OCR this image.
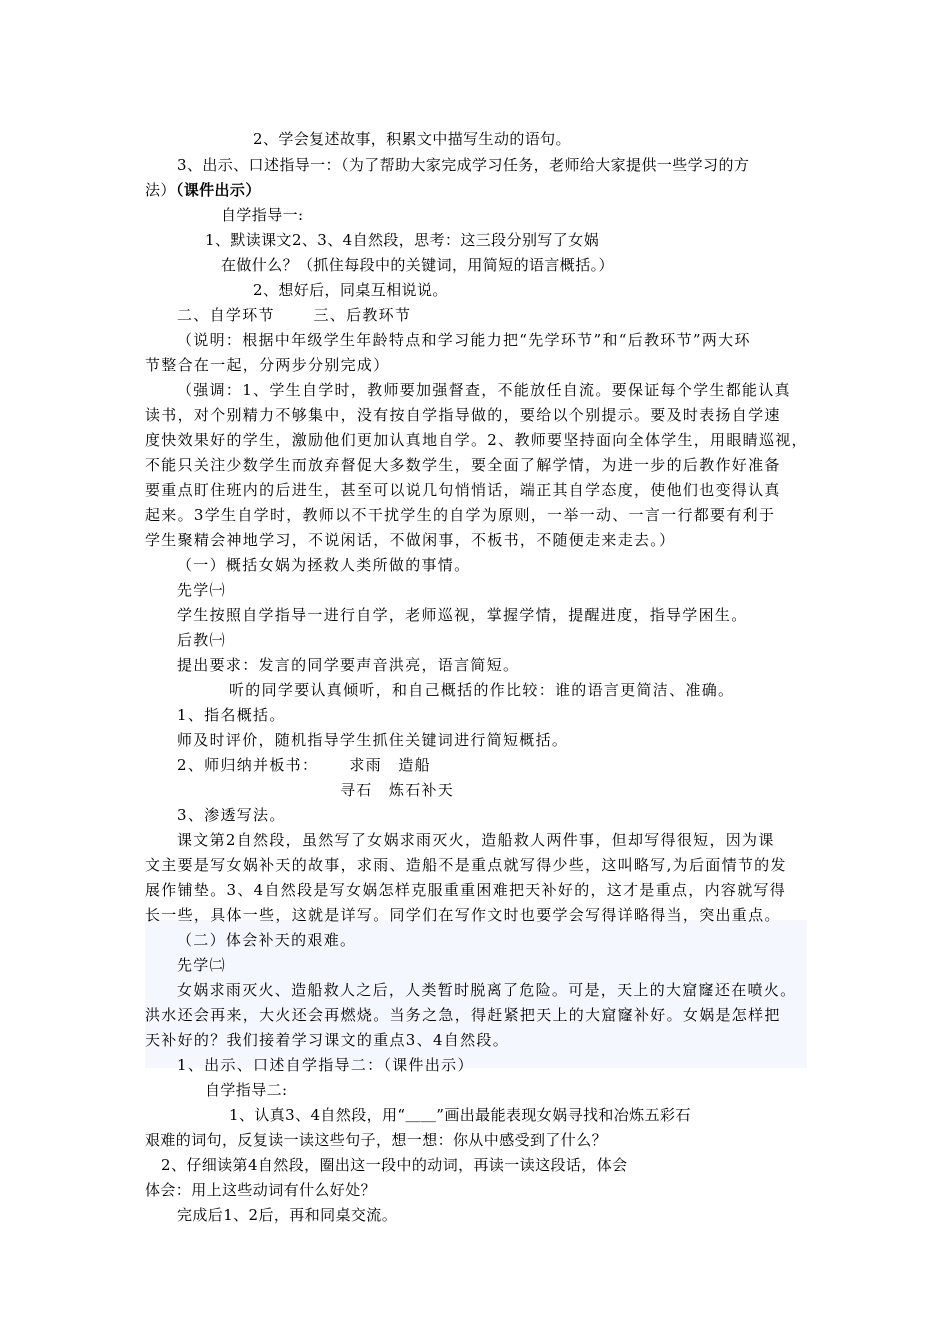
2、学会复述故事，积累文中描写生动的语句。
3、出示、口述指导一：（为了帮助大家完成学习任务，老师给大家提供一些学习的方
法）（课件出示）
自学指导一:
1、默读课文2、3、4自然段，思考：这三段分别写了女娲
在做什么？（抓住每段中的关键词，用简短的语言概括。）
2、想好后，同桌互相说说。
二、自学环节　　 三、后教环节
（说明：根据中年级学生年龄特点和学习能力把“先学环节”和“后教环节”两大环
节整合在一起，分两步分别完成）
（强调：1、学生自学时，教师要加强督查，不能放任自流。要保证每个学生都能认真
读书，对个别精力不够集中，没有按自学指导做的，要给以个别提示。要及时表扬自学速
度快效果好的学生，激励他们更加认真地自学。2、教师要坚持面向全体学生，用眼睛巡视，
不能只关注少数学生而放弃督促大多数学生，要全面了解学情，为进一步的后教作好准备
要重点盯住班内的后进生，甚至可以说几句悄悄话，端正其自学态度，使他们也变得认真
起来。3学生自学时，教师以不干扰学生的自学为原则，一举一动、一言一行都要有利于
学生聚精会神地学习，不说闲话，不做闲事，不板书，不随便走来走去。）
（一）概括女娲为拯救人类所做的事情。
先学㈠
学生按照自学指导一进行自学，老师巡视，掌握学情，提醒进度，指导学困生。
后教㈠
提出要求：发言的同学要声音洪亮，语言简短。
听的同学要认真倾听，和自己概括的作比较：谁的语言更简洁、准确。
1、指名概括。
师及时评价，随机指导学生抓住关键词进行简短概括。
2、师归纳并板书：　　 求雨　造船
寻石　炼石补天
3、渗透写法。
课文第2自然段，虽然写了女娲求雨灭火，造船救人两件事，但却写得很短，因为课
文主要是写女娲补天的故事，求雨、造船不是重点就写得少些，这叫略写,为后面情节的发
展作铺垫。3、4自然段是写女娲怎样克服重重困难把天补好的，这才是重点，内容就写得
长一些，具体一些，这就是详写。同学们在写作文时也要学会写得详略得当，突出重点。
（二）体会补天的艰难。
先学㈡
女娲求雨灭火、造船救人之后，人类暂时脱离了危险。可是，天上的大窟窿还在喷火。
洪水还会再来，大火还会再燃烧。当务之急，得赶紧把天上的大窟窿补好。女娲是怎样把
天补好的？我们接着学习课文的重点3、4自然段。
1、出示、口述自学指导二：（课件出示）
自学指导二:
1、认真3、4自然段，用“＿＿”画出最能表现女娲寻找和冶炼五彩石
艰难的词句，反复读一读这些句子，想一想：你从中感受到了什么？
2、仔细读第4自然段，圈出这一段中的动词，再读一读这段话，体会
体会：用上这些动词有什么好处？
完成后1、2后，再和同桌交流。
